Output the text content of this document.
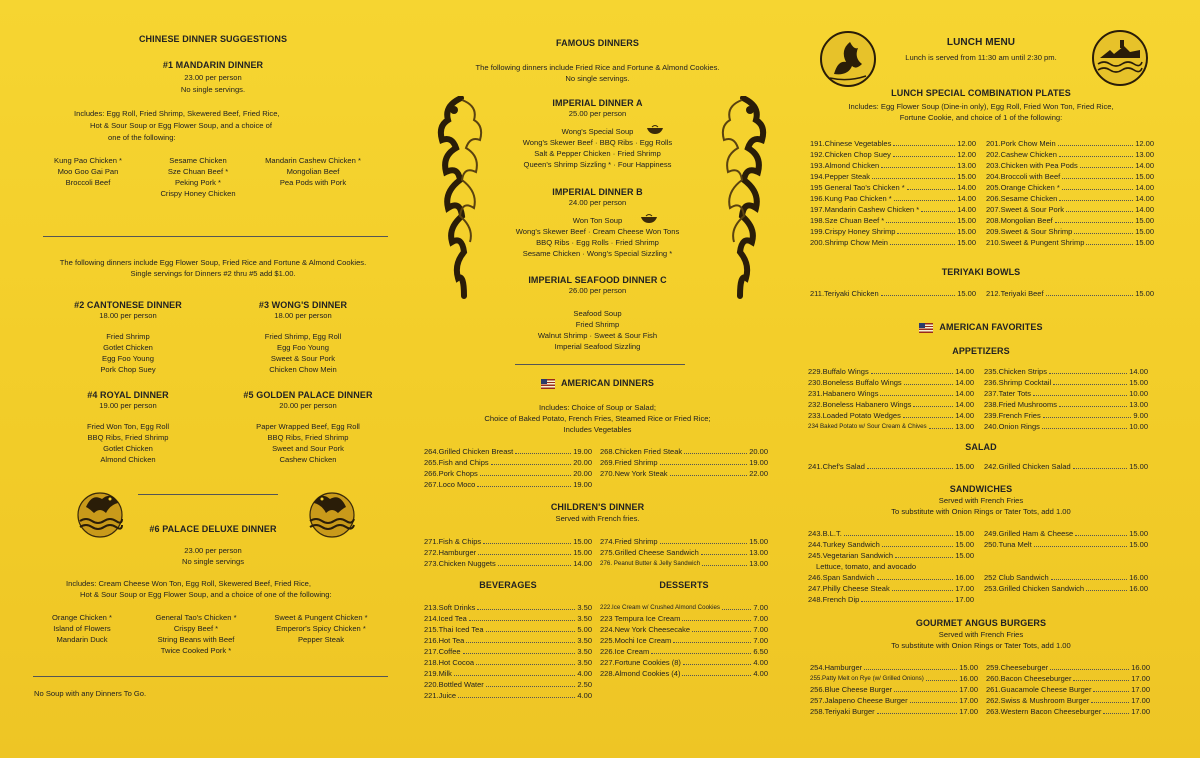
CHINESE DINNER SUGGESTIONS
#1 MANDARIN DINNER
23.00 per person
No single servings.
Includes: Egg Roll, Fried Shrimp, Skewered Beef, Fried Rice,
Hot & Sour Soup or Egg Flower Soup, and a choice of
one of the following:
Kung Pao Chicken *
Moo Goo Gai Pan
Broccoli Beef
Sesame Chicken
Sze Chuan Beef *
Peking Pork *
Crispy Honey Chicken
Mandarin Cashew Chicken *
Mongolian Beef
Pea Pods with Pork
The following dinners include Egg Flower Soup, Fried Rice and Fortune & Almond Cookies.
Single servings for Dinners #2 thru #5 add $1.00.
#2 CANTONESE DINNER
18.00 per person
Fried Shrimp
Gotlet Chicken
Egg Foo Young
Pork Chop Suey
#3 WONG'S DINNER
18.00 per person
Fried Shrimp, Egg Roll
Egg Foo Young
Sweet & Sour Pork
Chicken Chow Mein
#4 ROYAL DINNER
19.00 per person
Fried Won Ton, Egg Roll
BBQ Ribs, Fried Shrimp
Gotlet Chicken
Almond Chicken
#5 GOLDEN PALACE DINNER
20.00 per person
Paper Wrapped Beef, Egg Roll
BBQ Ribs, Fried Shrimp
Sweet and Sour Pork
Cashew Chicken
#6 PALACE DELUXE DINNER
23.00 per person
No single servings
Includes: Cream Cheese Won Ton, Egg Roll, Skewered Beef, Fried Rice,
Hot & Sour Soup or Egg Flower Soup, and a choice of one of the following:
Orange Chicken *
Island of Flowers
Mandarin Duck
General Tao's Chicken *
Crispy Beef *
String Beans with Beef
Twice Cooked Pork *
Sweet & Pungent Chicken *
Emperor's Spicy Chicken *
Pepper Steak
No Soup with any Dinners To Go.
FAMOUS DINNERS
The following dinners include Fried Rice and Fortune & Almond Cookies.
No single servings.
IMPERIAL DINNER A
25.00 per person
Wong's Special Soup
Wong's Skewer Beef · BBQ Ribs · Egg Rolls
Salt & Pepper Chicken · Fried Shrimp
Queen's Shrimp Sizzling * · Four Happiness
IMPERIAL DINNER B
24.00 per person
Won Ton Soup
Wong's Skewer Beef · Cream Cheese Won Tons
BBQ Ribs · Egg Rolls · Fried Shrimp
Sesame Chicken · Wong's Special Sizzling *
IMPERIAL SEAFOOD DINNER C
26.00 per person
Seafood Soup
Fried Shrimp
Walnut Shrimp · Sweet & Sour Fish
Imperial Seafood Sizzling
AMERICAN DINNERS
Includes: Choice of Soup or Salad;
Choice of Baked Potato, French Fries, Steamed Rice or Fried Rice;
Includes Vegetables
264.Grilled Chicken Breast	19.00
265.Fish and Chips	20.00
266.Pork Chops	20.00
267.Loco Moco	19.00
268.Chicken Fried Steak	20.00
269.Fried Shrimp	19.00
270.New York Steak	22.00
CHILDREN'S DINNER
Served with French fries.
271.Fish & Chips	15.00
272.Hamburger	15.00
273.Chicken Nuggets	14.00
274.Fried Shrimp	15.00
275.Grilled Cheese Sandwich	13.00
276. Peanut Butter & Jelly Sandwich	13.00
BEVERAGES	DESSERTS
213.Soft Drinks	3.50
214.Iced Tea	3.50
215.Thai Iced Tea	5.00
216.Hot Tea	3.50
217.Coffee	3.50
218.Hot Cocoa	3.50
219.Milk	4.00
220.Bottled Water	2.50
221.Juice	4.00
222.Ice Cream w/ Crushed Almond Cookies	7.00
223 Tempura Ice Cream	7.00
224.New York Cheesecake	7.00
225.Mochi Ice Cream	7.00
226.Ice Cream	6.50
227.Fortune Cookies (8)	4.00
228.Almond Cookies (4)	4.00
LUNCH MENU
Lunch is served from 11:30 am until 2:30 pm.
LUNCH SPECIAL COMBINATION PLATES
Includes: Egg Flower Soup (Dine-in only), Egg Roll, Fried Won Ton, Fried Rice,
Fortune Cookie, and choice of 1 of the following:
191.Chinese Vegetables	12.00
192.Chicken Chop Suey	12.00
193.Almond Chicken	13.00
194.Pepper Steak	15.00
195 General Tao's Chicken *	14.00
196.Kung Pao Chicken *	14.00
197.Mandarin Cashew Chicken *	14.00
198.Sze Chuan Beef *	15.00
199.Crispy Honey Shrimp	15.00
200.Shrimp Chow Mein	15.00
201.Pork Chow Mein	12.00
202.Cashew Chicken	13.00
203.Chicken with Pea Pods	14.00
204.Broccoli with Beef	15.00
205.Orange Chicken *	14.00
206.Sesame Chicken	14.00
207.Sweet & Sour Pork	14.00
208.Mongolian Beef	15.00
209.Sweet & Sour Shrimp	15.00
210.Sweet & Pungent Shrimp	15.00
TERIYAKI BOWLS
211.Teriyaki Chicken	15.00 212.Teriyaki Beef	15.00
AMERICAN FAVORITES
APPETIZERS
229.Buffalo Wings	14.00
230.Boneless Buffalo Wings	14.00
231.Habanero Wings	14.00
232.Boneless Habanero Wings	14.00
233.Loaded Potato Wedges	14.00
234 Baked Potato w/ Sour Cream & Chives	13.00
235.Chicken Strips	14.00
236.Shrimp Cocktail	15.00
237.Tater Tots	10.00
238.Fried Mushrooms	13.00
239.French Fries	9.00
240.Onion Rings	10.00
SALAD
241.Chef's Salad	15.00 242.Grilled Chicken Salad	15.00
SANDWICHES
Served with French Fries
To substitute with Onion Rings or Tater Tots, add 1.00
243.B.L.T.	15.00
244.Turkey Sandwich	15.00
245.Vegetarian Sandwich	15.00
Lettuce, tomato, and avocado
246.Span Sandwich	16.00
247.Philly Cheese Steak	17.00
248.French Dip	17.00
249.Grilled Ham & Cheese	15.00
250.Tuna Melt	15.00
252 Club Sandwich	16.00
253.Grilled Chicken Sandwich	16.00
GOURMET ANGUS BURGERS
Served with French Fries
To substitute with Onion Rings or Tater Tots, add 1.00
254.Hamburger	15.00
255.Patty Melt on Rye (w/ Grilled Onions)	16.00
256.Blue Cheese Burger	17.00
257.Jalapeno Cheese Burger	17.00
258.Teriyaki Burger	17.00
259.Cheeseburger	16.00
260.Bacon Cheeseburger	17.00
261.Guacamole Cheese Burger	17.00
262.Swiss & Mushroom Burger	17.00
263.Western Bacon Cheeseburger	17.00
